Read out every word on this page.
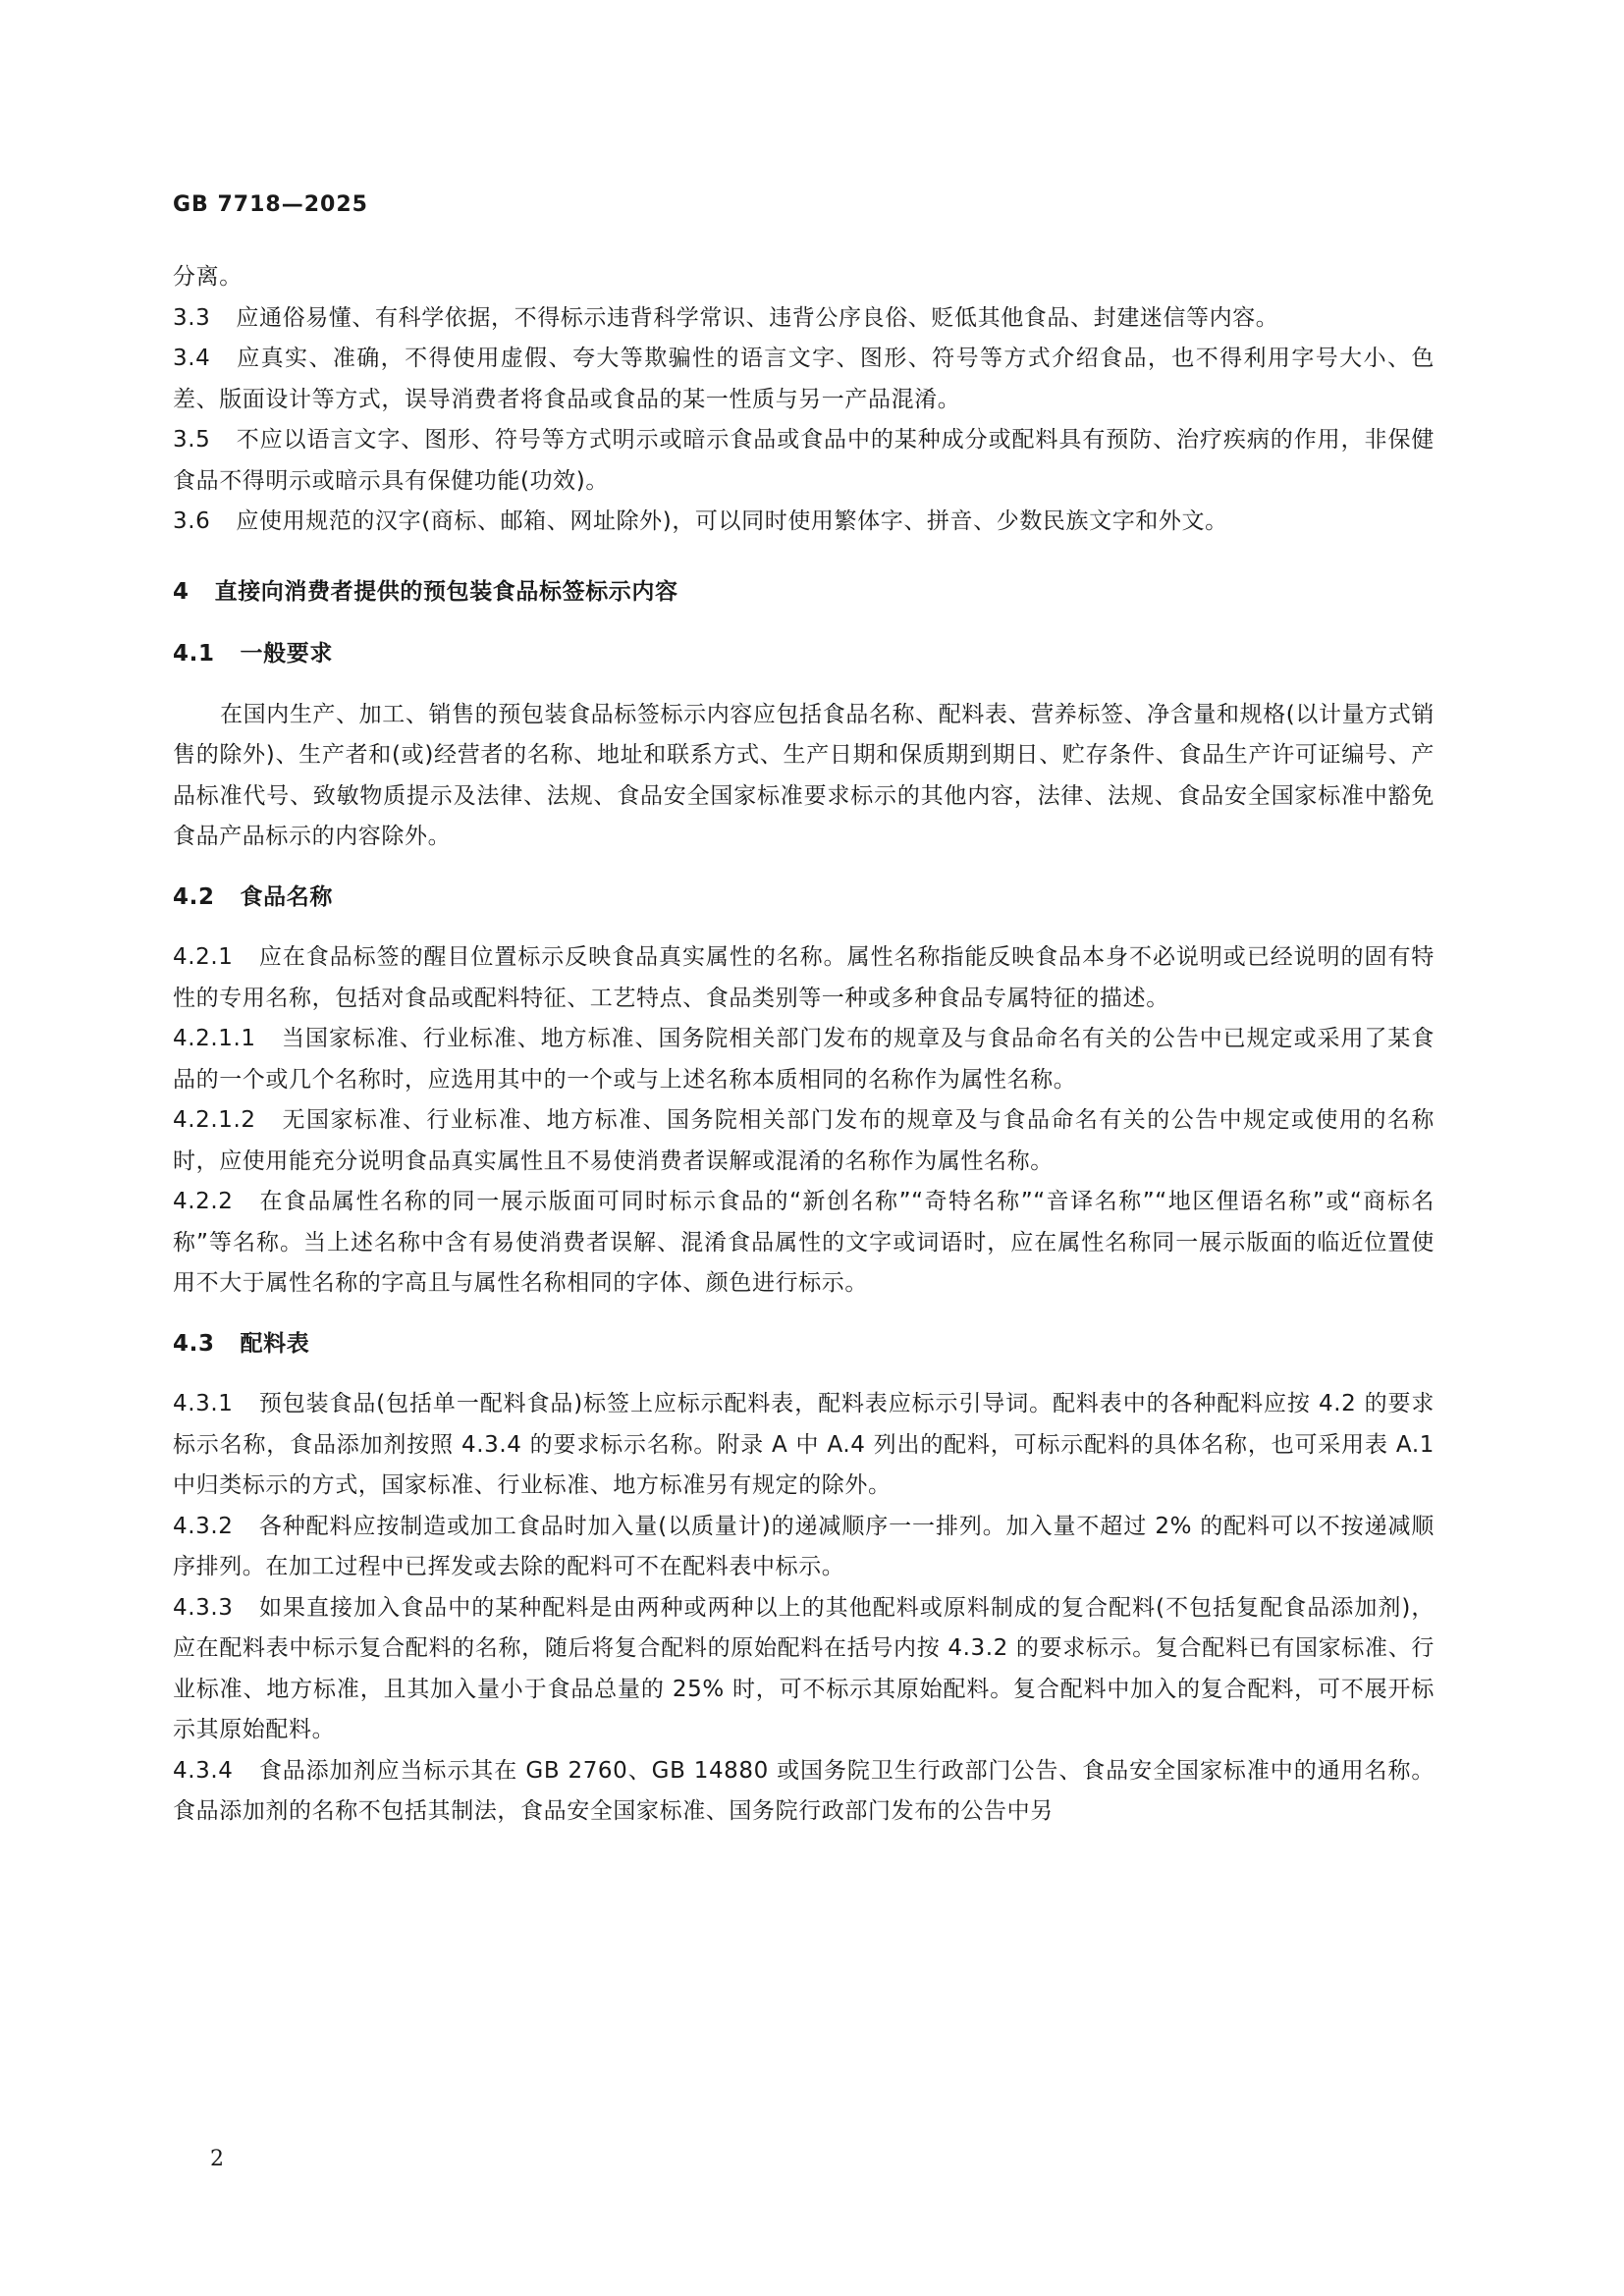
GB 7718—2025

分离。

3.3 应通俗易懂、有科学依据，不得标示违背科学常识、违背公序良俗、贬低其他食品、封建迷信等内容。

3.4 应真实、准确，不得使用虚假、夸大等欺骗性的语言文字、图形、符号等方式介绍食品，也不得利用字号大小、色差、版面设计等方式，误导消费者将食品或食品的某一性质与另一产品混淆。

3.5 不应以语言文字、图形、符号等方式明示或暗示食品或食品中的某种成分或配料具有预防、治疗疾病的作用，非保健食品不得明示或暗示具有保健功能(功效)。

3.6 应使用规范的汉字(商标、邮箱、网址除外)，可以同时使用繁体字、拼音、少数民族文字和外文。

4 直接向消费者提供的预包装食品标签标示内容

4.1 一般要求

在国内生产、加工、销售的预包装食品标签标示内容应包括食品名称、配料表、营养标签、净含量和规格(以计量方式销售的除外)、生产者和(或)经营者的名称、地址和联系方式、生产日期和保质期到期日、贮存条件、食品生产许可证编号、产品标准代号、致敏物质提示及法律、法规、食品安全国家标准要求标示的其他内容，法律、法规、食品安全国家标准中豁免食品产品标示的内容除外。

4.2 食品名称

4.2.1 应在食品标签的醒目位置标示反映食品真实属性的名称。属性名称指能反映食品本身不必说明或已经说明的固有特性的专用名称，包括对食品或配料特征、工艺特点、食品类别等一种或多种食品专属特征的描述。

4.2.1.1 当国家标准、行业标准、地方标准、国务院相关部门发布的规章及与食品命名有关的公告中已规定或采用了某食品的一个或几个名称时，应选用其中的一个或与上述名称本质相同的名称作为属性名称。

4.2.1.2 无国家标准、行业标准、地方标准、国务院相关部门发布的规章及与食品命名有关的公告中规定或使用的名称时，应使用能充分说明食品真实属性且不易使消费者误解或混淆的名称作为属性名称。

4.2.2 在食品属性名称的同一展示版面可同时标示食品的“新创名称”“奇特名称”“音译名称”“地区俚语名称”或“商标名称”等名称。当上述名称中含有易使消费者误解、混淆食品属性的文字或词语时，应在属性名称同一展示版面的临近位置使用不大于属性名称的字高且与属性名称相同的字体、颜色进行标示。

4.3 配料表

4.3.1 预包装食品(包括单一配料食品)标签上应标示配料表，配料表应标示引导词。配料表中的各种配料应按 4.2 的要求标示名称，食品添加剂按照 4.3.4 的要求标示名称。附录 A 中 A.4 列出的配料，可标示配料的具体名称，也可采用表 A.1 中归类标示的方式，国家标准、行业标准、地方标准另有规定的除外。

4.3.2 各种配料应按制造或加工食品时加入量(以质量计)的递减顺序一一排列。加入量不超过 2% 的配料可以不按递减顺序排列。在加工过程中已挥发或去除的配料可不在配料表中标示。

4.3.3 如果直接加入食品中的某种配料是由两种或两种以上的其他配料或原料制成的复合配料(不包括复配食品添加剂)，应在配料表中标示复合配料的名称，随后将复合配料的原始配料在括号内按 4.3.2 的要求标示。复合配料已有国家标准、行业标准、地方标准，且其加入量小于食品总量的 25% 时，可不标示其原始配料。复合配料中加入的复合配料，可不展开标示其原始配料。

4.3.4 食品添加剂应当标示其在 GB 2760、GB 14880 或国务院卫生行政部门公告、食品安全国家标准中的通用名称。食品添加剂的名称不包括其制法，食品安全国家标准、国务院行政部门发布的公告中另

2
